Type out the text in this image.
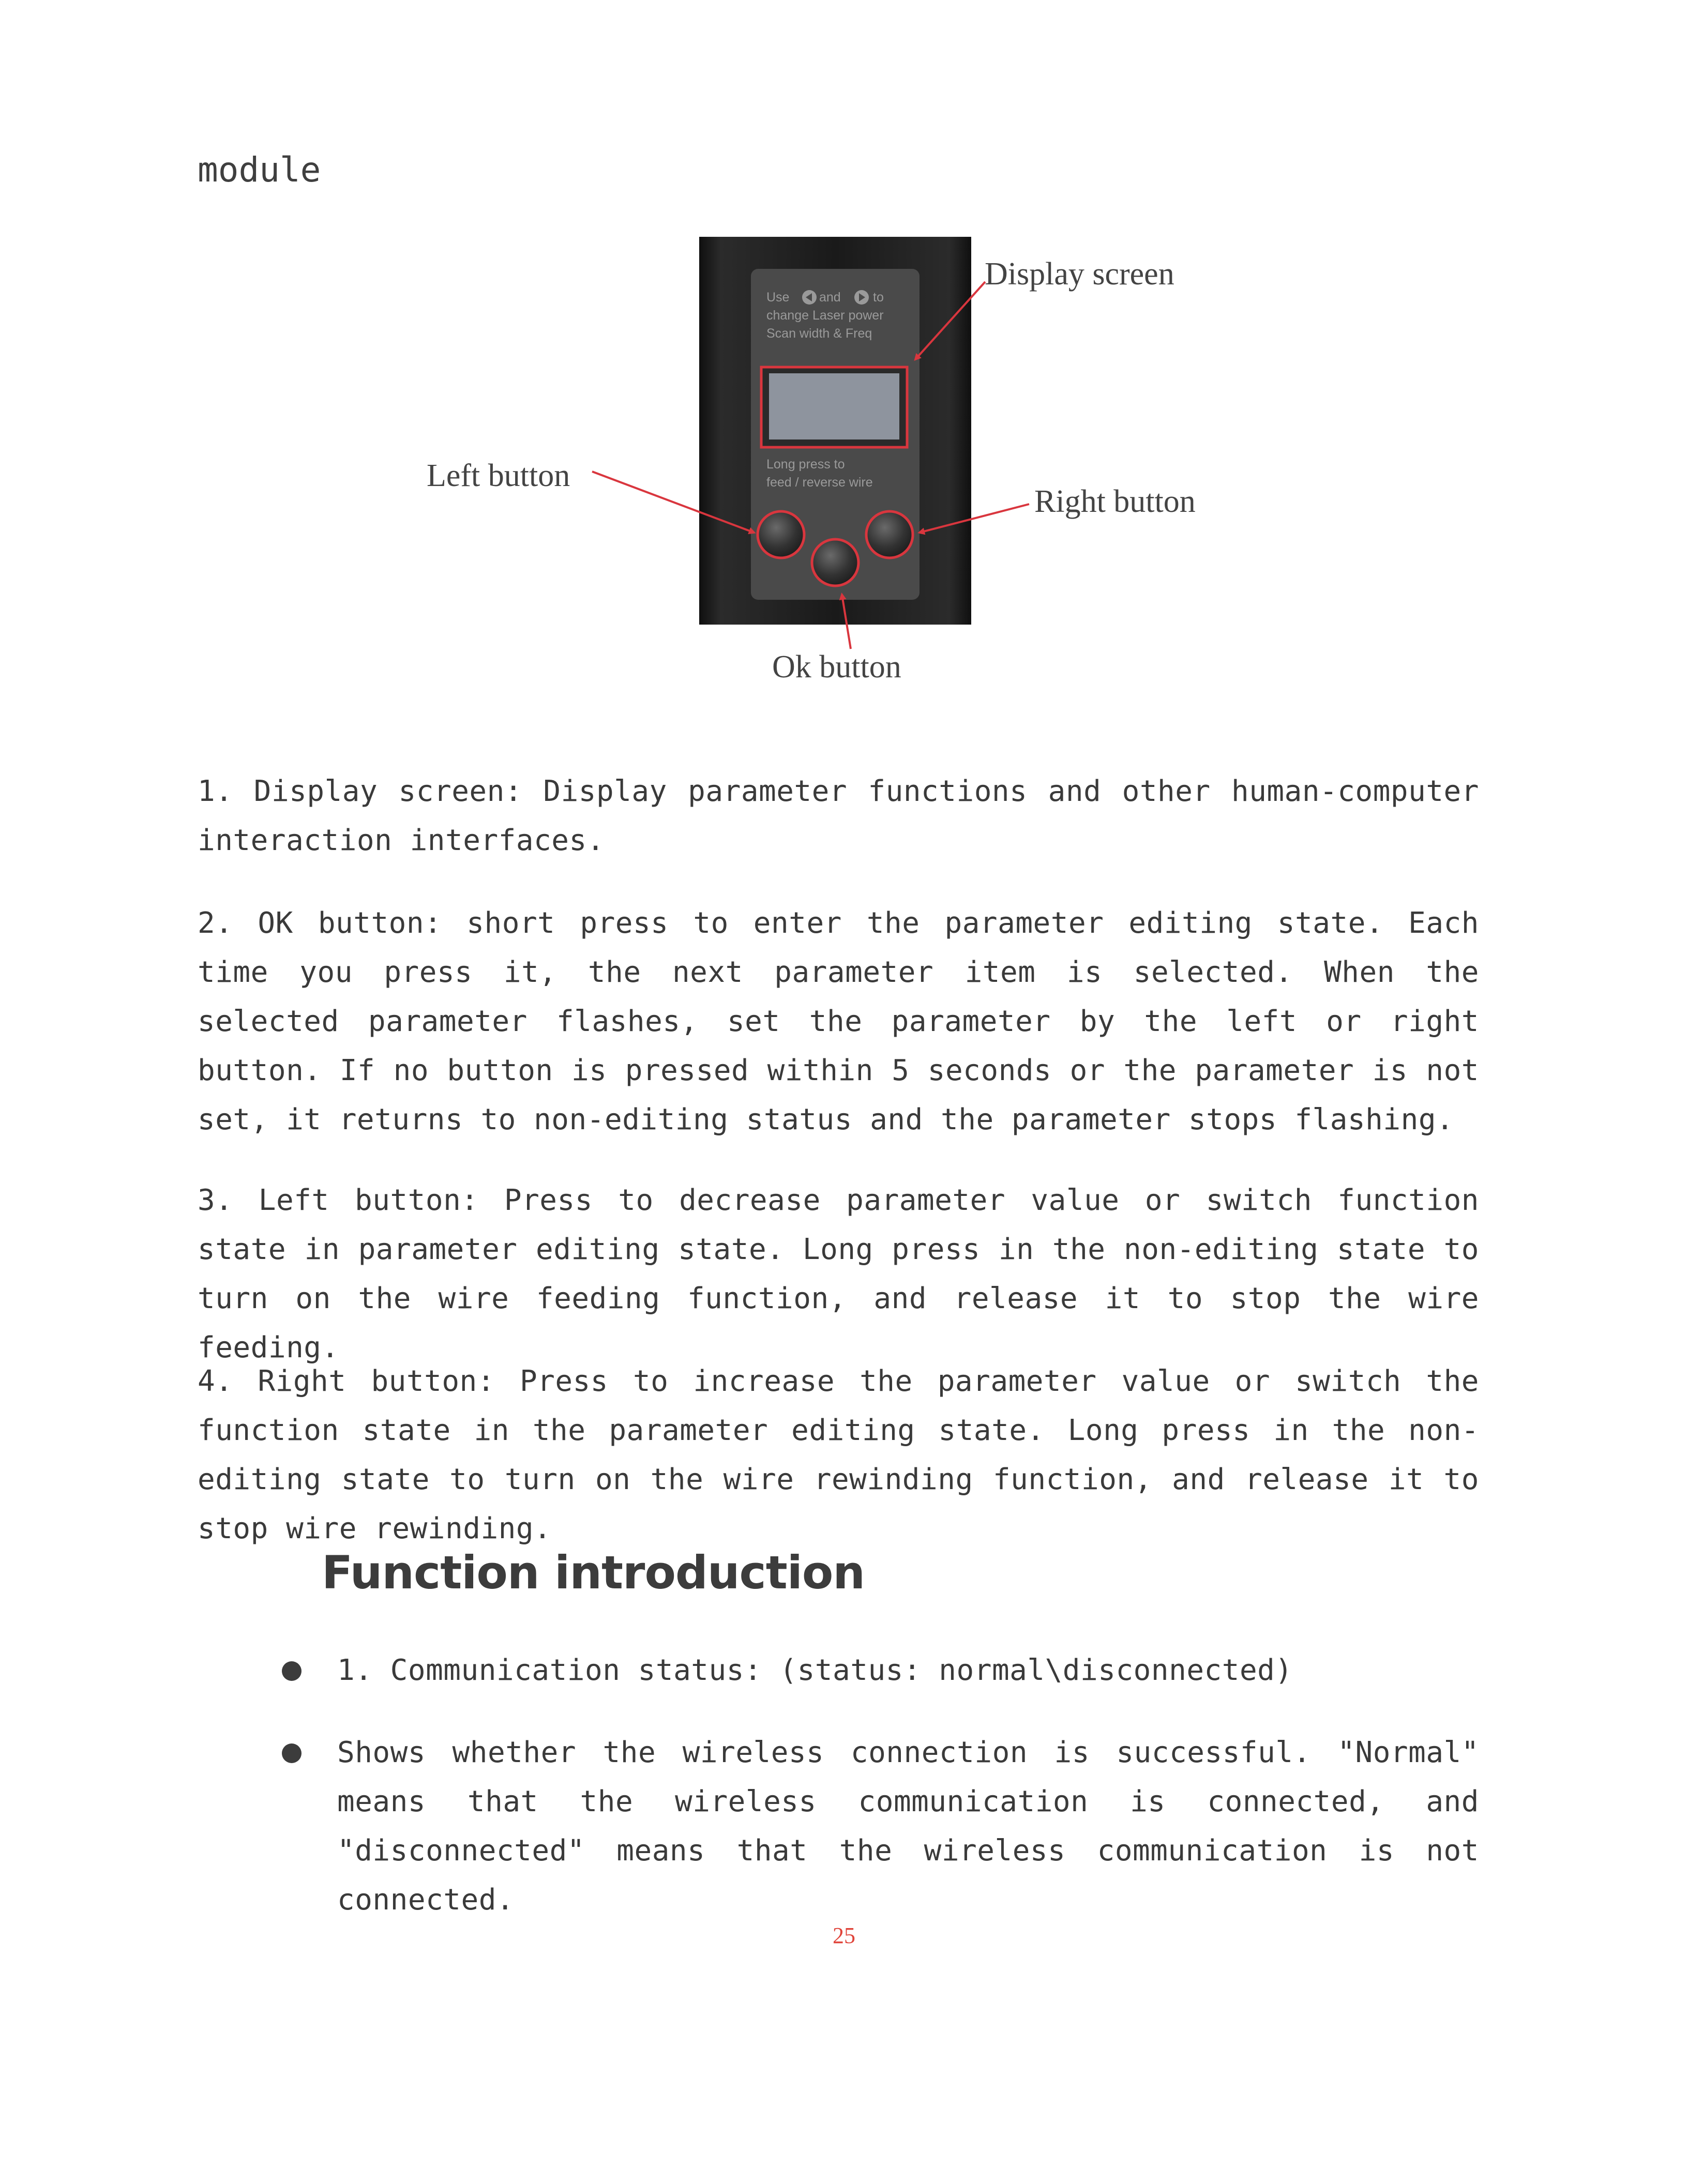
module
Use and to
change Laser power
Scan width & Freq
Long press to
feed / reverse wire
Display screen
Left button
Right button
Ok button
1. Display screen: Display parameter functions and other human-computer interaction interfaces.
2. OK button: short press to enter the parameter editing state. Each time you press it, the next parameter item is selected. When the selected parameter flashes, set the parameter by the left or right button. If no button is pressed within 5 seconds or the parameter is not set, it returns to non-editing status and the parameter stops flashing.
3. Left button: Press to decrease parameter value or switch function state in parameter editing state. Long press in the non-editing state to turn on the wire feeding function, and release it to stop the wire feeding.
4. Right button: Press to increase the parameter value or switch the function state in the parameter editing state. Long press in the non-editing state to turn on the wire rewinding function, and release it to stop wire rewinding.
Function introduction
1. Communication status: (status: normal\disconnected)
Shows whether the wireless connection is successful. "Normal" means that the wireless communication is connected, and "disconnected" means that the wireless communication is not connected.
25
